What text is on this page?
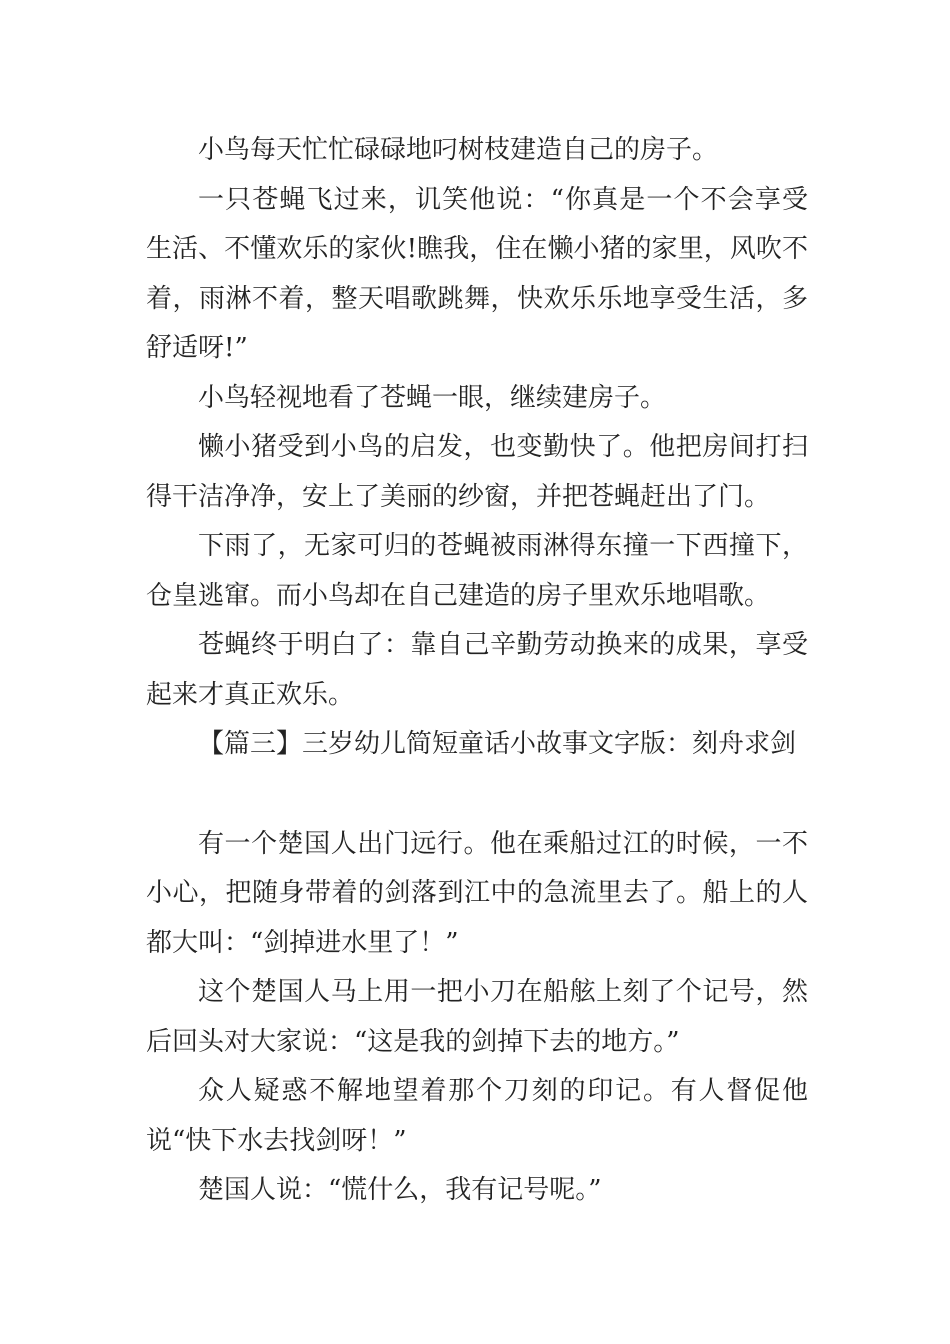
小鸟每天忙忙碌碌地叼树枝建造自己的房子。

一只苍蝇飞过来，讥笑他说：“你真是一个不会享受生活、不懂欢乐的家伙!瞧我，住在懒小猪的家里，风吹不着，雨淋不着，整天唱歌跳舞，快欢乐乐地享受生活，多舒适呀!”

小鸟轻视地看了苍蝇一眼，继续建房子。

懒小猪受到小鸟的启发，也变勤快了。他把房间打扫得干洁净净，安上了美丽的纱窗，并把苍蝇赶出了门。

下雨了，无家可归的苍蝇被雨淋得东撞一下西撞下，仓皇逃窜。而小鸟却在自己建造的房子里欢乐地唱歌。

苍蝇终于明白了：靠自己辛勤劳动换来的成果，享受起来才真正欢乐。

【篇三】三岁幼儿简短童话小故事文字版：刻舟求剑

有一个楚国人出门远行。他在乘船过江的时候，一不小心，把随身带着的剑落到江中的急流里去了。船上的人都大叫：“剑掉进水里了！”

这个楚国人马上用一把小刀在船舷上刻了个记号，然后回头对大家说：“这是我的剑掉下去的地方。”

众人疑惑不解地望着那个刀刻的印记。有人督促他说“快下水去找剑呀！”

楚国人说：“慌什么，我有记号呢。”
